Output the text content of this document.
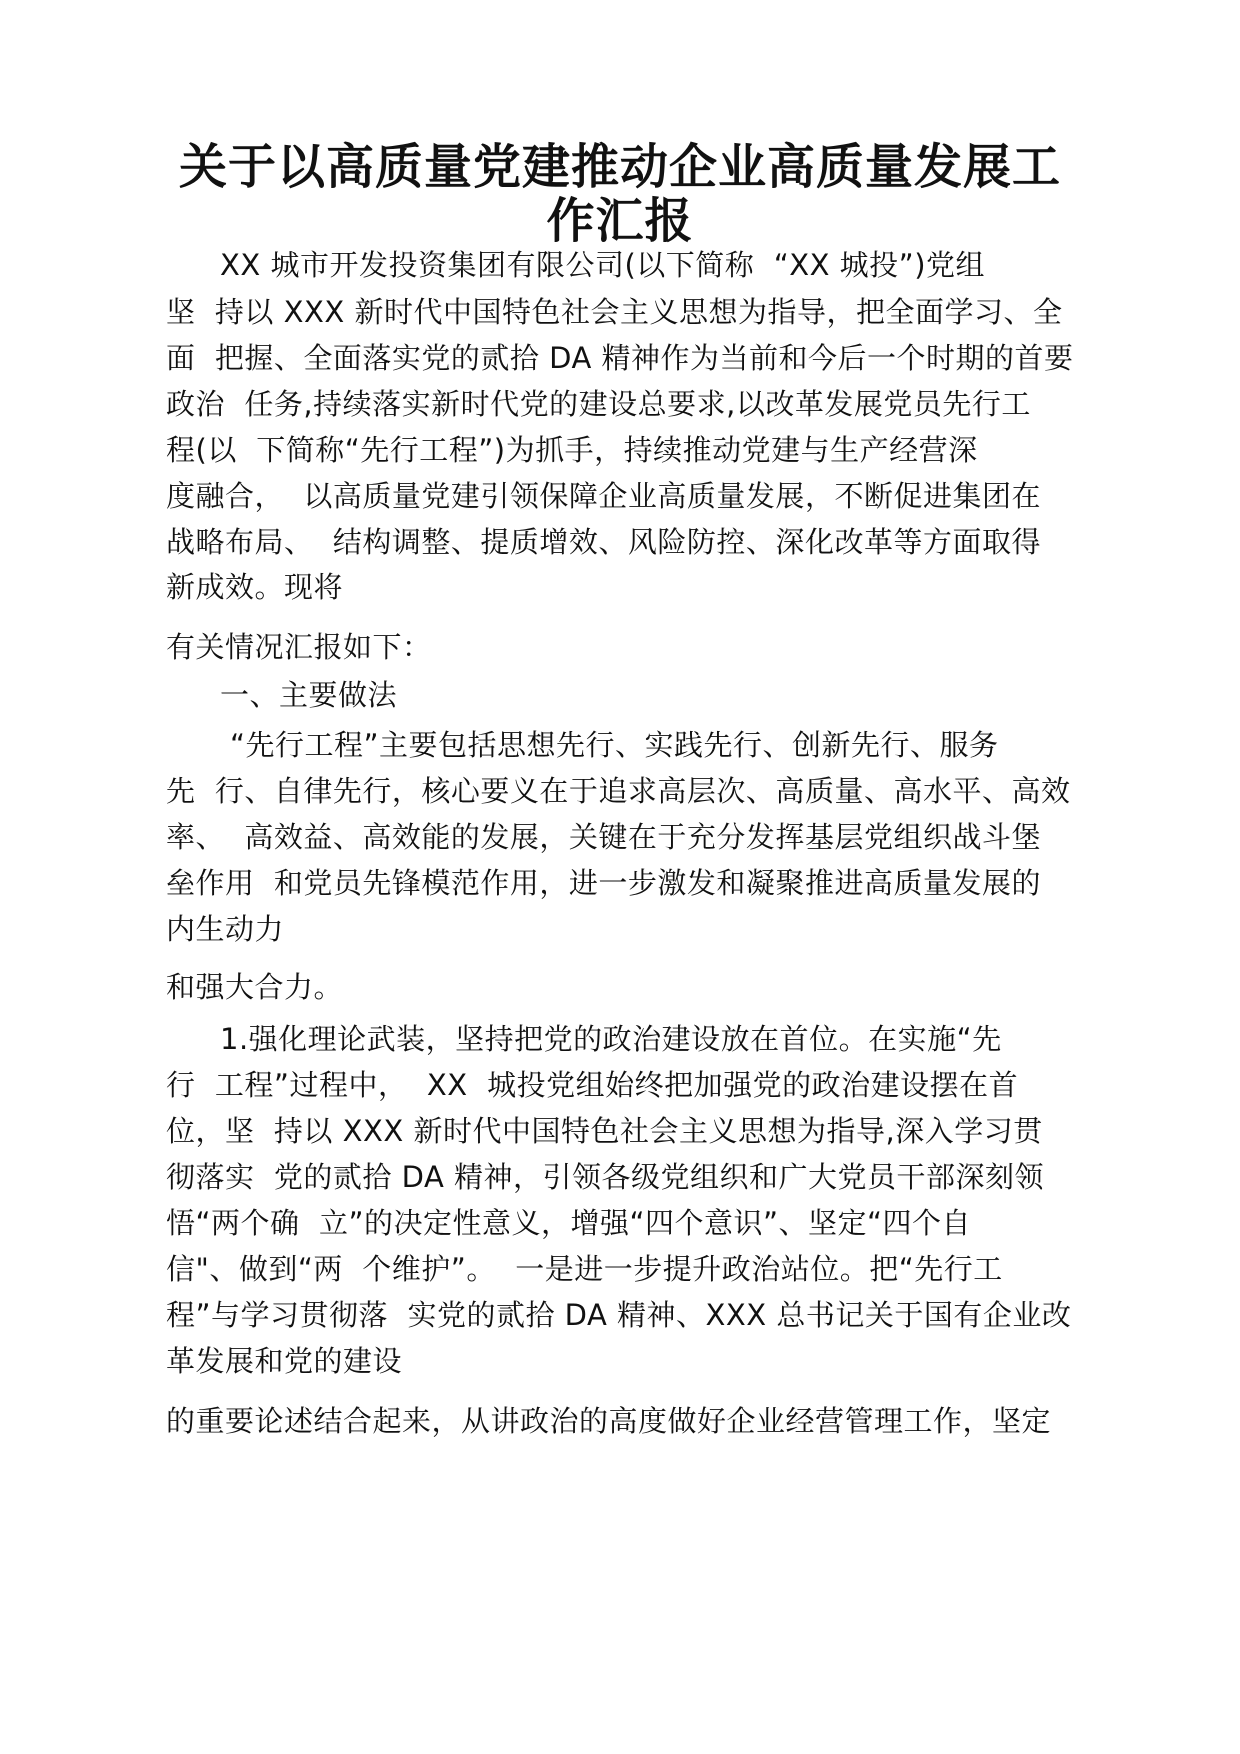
关于以高质量党建推动企业高质量发展工
作汇报
XX 城市开发投资集团有限公司(以下简称  “XX 城投”)党组
坚  持以 XXX 新时代中国特色社会主义思想为指导，把全面学习、全
面  把握、全面落实党的贰拾 DA 精神作为当前和今后一个时期的首要
政治  任务,持续落实新时代党的建设总要求,以改革发展党员先行工
程(以  下简称“先行工程”)为抓手，持续推动党建与生产经营深
度融合，  以高质量党建引领保障企业高质量发展，不断促进集团在
战略布局、  结构调整、提质增效、风险防控、深化改革等方面取得
新成效。现将
有关情况汇报如下：
一、主要做法
“先行工程”主要包括思想先行、实践先行、创新先行、服务
先  行、自律先行，核心要义在于追求高层次、高质量、高水平、高效
率、  高效益、高效能的发展，关键在于充分发挥基层党组织战斗堡
垒作用  和党员先锋模范作用，进一步激发和凝聚推进高质量发展的
内生动力
和强大合力。
1.强化理论武装，坚持把党的政治建设放在首位。在实施“先
行  工程”过程中，  XX  城投党组始终把加强党的政治建设摆在首
位，坚  持以 XXX 新时代中国特色社会主义思想为指导,深入学习贯
彻落实  党的贰拾 DA 精神，引领各级党组织和广大党员干部深刻领
悟“两个确  立”的决定性意义，增强“四个意识”、坚定“四个自
信"、做到“两  个维护”。  一是进一步提升政治站位。把“先行工
程”与学习贯彻落  实党的贰拾 DA 精神、XXX 总书记关于国有企业改
革发展和党的建设
的重要论述结合起来，从讲政治的高度做好企业经营管理工作，坚定
